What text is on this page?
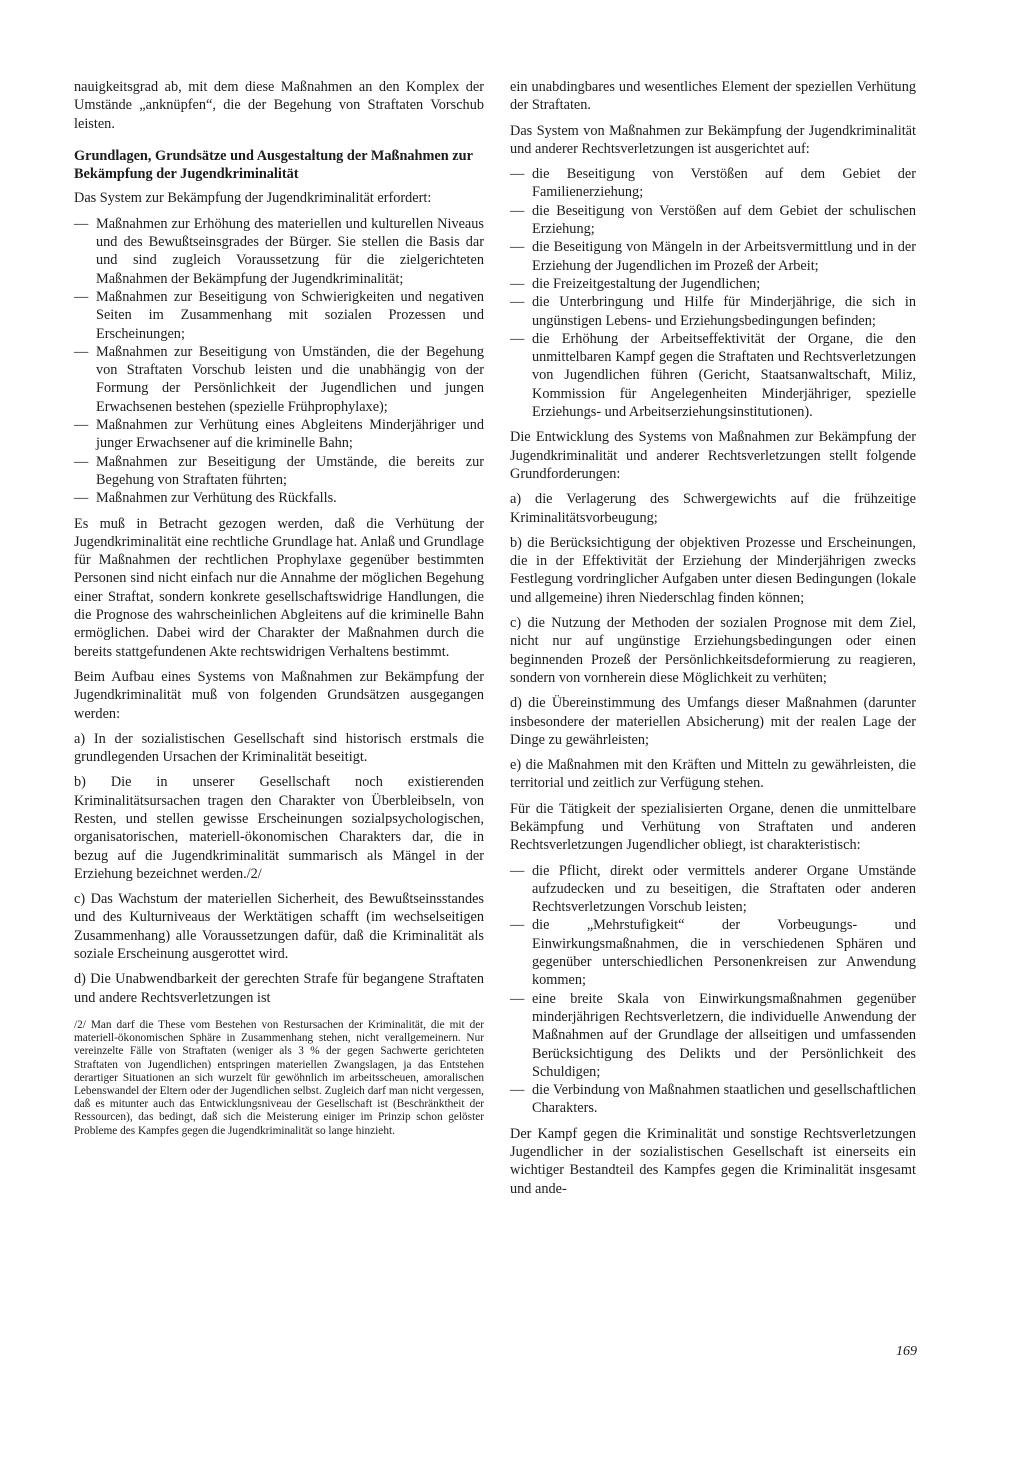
nauigkeitsgrad ab, mit dem diese Maßnahmen an den Komplex der Umstände „anknüpfen“, die der Begehung von Straftaten Vorschub leisten.

Grundlagen, Grundsätze und Ausgestaltung der Maßnahmen zur Bekämpfung der Jugendkriminalität

Das System zur Bekämpfung der Jugendkriminalität erfordert:

— Maßnahmen zur Erhöhung des materiellen und kulturellen Niveaus und des Bewußtseinsgrades der Bürger. Sie stellen die Basis dar und sind zugleich Voraussetzung für die zielgerichteten Maßnahmen der Bekämpfung der Jugendkriminalität;
— Maßnahmen zur Beseitigung von Schwierigkeiten und negativen Seiten im Zusammenhang mit sozialen Prozessen und Erscheinungen;
— Maßnahmen zur Beseitigung von Umständen, die der Begehung von Straftaten Vorschub leisten und die unabhängig von der Formung der Persönlichkeit der Jugendlichen und jungen Erwachsenen bestehen (spezielle Frühprophylaxe);
— Maßnahmen zur Verhütung eines Abgleitens Minderjähriger und junger Erwachsener auf die kriminelle Bahn;
— Maßnahmen zur Beseitigung der Umstände, die bereits zur Begehung von Straftaten führten;
— Maßnahmen zur Verhütung des Rückfalls.

Es muß in Betracht gezogen werden, daß die Verhütung der Jugendkriminalität eine rechtliche Grundlage hat. Anlaß und Grundlage für Maßnahmen der rechtlichen Prophylaxe gegenüber bestimmten Personen sind nicht einfach nur die Annahme der möglichen Begehung einer Straftat, sondern konkrete gesellschaftswidrige Handlungen, die die Prognose des wahrscheinlichen Abgleitens auf die kriminelle Bahn ermöglichen. Dabei wird der Charakter der Maßnahmen durch die bereits stattgefundenen Akte rechtswidrigen Verhaltens bestimmt.

Beim Aufbau eines Systems von Maßnahmen zur Bekämpfung der Jugendkriminalität muß von folgenden Grundsätzen ausgegangen werden:

a) In der sozialistischen Gesellschaft sind historisch erstmals die grundlegenden Ursachen der Kriminalität beseitigt.

b) Die in unserer Gesellschaft noch existierenden Kriminalitätsursachen tragen den Charakter von Überbleibseln, von Resten, und stellen gewisse Erscheinungen sozialpsychologischen, organisatorischen, materiell-ökonomischen Charakters dar, die in bezug auf die Jugendkriminalität summarisch als Mängel in der Erziehung bezeichnet werden./2/

c) Das Wachstum der materiellen Sicherheit, des Bewußtseinsstandes und des Kulturniveaus der Werktätigen schafft (im wechselseitigen Zusammenhang) alle Voraussetzungen dafür, daß die Kriminalität als soziale Erscheinung ausgerottet wird.

d) Die Unabwendbarkeit der gerechten Strafe für begangene Straftaten und andere Rechtsverletzungen ist

/2/ Man darf die These vom Bestehen von Restursachen der Kriminalität, die mit der materiell-ökonomischen Sphäre in Zusammenhang stehen, nicht verallgemeinern. Nur vereinzelte Fälle von Straftaten (weniger als 3 % der gegen Sachwerte gerichteten Straftaten von Jugendlichen) entspringen materiellen Zwangslagen, ja das Entstehen derartiger Situationen an sich wurzelt für gewöhnlich im arbeitsscheuen, amoralischen Lebenswandel der Eltern oder der Jugendlichen selbst. Zugleich darf man nicht vergessen, daß es mitunter auch das Entwicklungsniveau der Gesellschaft ist (Beschränktheit der Ressourcen), das bedingt, daß sich die Meisterung einiger im Prinzip schon gelöster Probleme des Kampfes gegen die Jugendkriminalität so lange hinzieht.

ein unabdingbares und wesentliches Element der speziellen Verhütung der Straftaten.

Das System von Maßnahmen zur Bekämpfung der Jugendkriminalität und anderer Rechtsverletzungen ist ausgerichtet auf:

— die Beseitigung von Verstößen auf dem Gebiet der Familienerziehung;
— die Beseitigung von Verstößen auf dem Gebiet der schulischen Erziehung;
— die Beseitigung von Mängeln in der Arbeitsvermittlung und in der Erziehung der Jugendlichen im Prozeß der Arbeit;
— die Freizeitgestaltung der Jugendlichen;
— die Unterbringung und Hilfe für Minderjährige, die sich in ungünstigen Lebens- und Erziehungsbedingungen befinden;
— die Erhöhung der Arbeitseffektivität der Organe, die den unmittelbaren Kampf gegen die Straftaten und Rechtsverletzungen von Jugendlichen führen (Gericht, Staatsanwaltschaft, Miliz, Kommission für Angelegenheiten Minderjähriger, spezielle Erziehungs- und Arbeitserziehungsinstitutionen).

Die Entwicklung des Systems von Maßnahmen zur Bekämpfung der Jugendkriminalität und anderer Rechtsverletzungen stellt folgende Grundforderungen:

a) die Verlagerung des Schwergewichts auf die frühzeitige Kriminalitätsvorbeugung;

b) die Berücksichtigung der objektiven Prozesse und Erscheinungen, die in der Effektivität der Erziehung der Minderjährigen zwecks Festlegung vordringlicher Aufgaben unter diesen Bedingungen (lokale und allgemeine) ihren Niederschlag finden können;

c) die Nutzung der Methoden der sozialen Prognose mit dem Ziel, nicht nur auf ungünstige Erziehungsbedingungen oder einen beginnenden Prozeß der Persönlichkeitsdeformierung zu reagieren, sondern von vornherein diese Möglichkeit zu verhüten;

d) die Übereinstimmung des Umfangs dieser Maßnahmen (darunter insbesondere der materiellen Absicherung) mit der realen Lage der Dinge zu gewährleisten;

e) die Maßnahmen mit den Kräften und Mitteln zu gewährleisten, die territorial und zeitlich zur Verfügung stehen.

Für die Tätigkeit der spezialisierten Organe, denen die unmittelbare Bekämpfung und Verhütung von Straftaten und anderen Rechtsverletzungen Jugendlicher obliegt, ist charakteristisch:

— die Pflicht, direkt oder vermittels anderer Organe Umstände aufzudecken und zu beseitigen, die Straftaten oder anderen Rechtsverletzungen Vorschub leisten;
— die „Mehrstufigkeit“ der Vorbeugungs- und Einwirkungsmaßnahmen, die in verschiedenen Sphären und gegenüber unterschiedlichen Personenkreisen zur Anwendung kommen;
— eine breite Skala von Einwirkungsmaßnahmen gegenüber minderjährigen Rechtsverletzern, die individuelle Anwendung der Maßnahmen auf der Grundlage der allseitigen und umfassenden Berücksichtigung des Delikts und der Persönlichkeit des Schuldigen;
— die Verbindung von Maßnahmen staatlichen und gesellschaftlichen Charakters.

Der Kampf gegen die Kriminalität und sonstige Rechtsverletzungen Jugendlicher in der sozialistischen Gesellschaft ist einerseits ein wichtiger Bestandteil des Kampfes gegen die Kriminalität insgesamt und ande-

169
